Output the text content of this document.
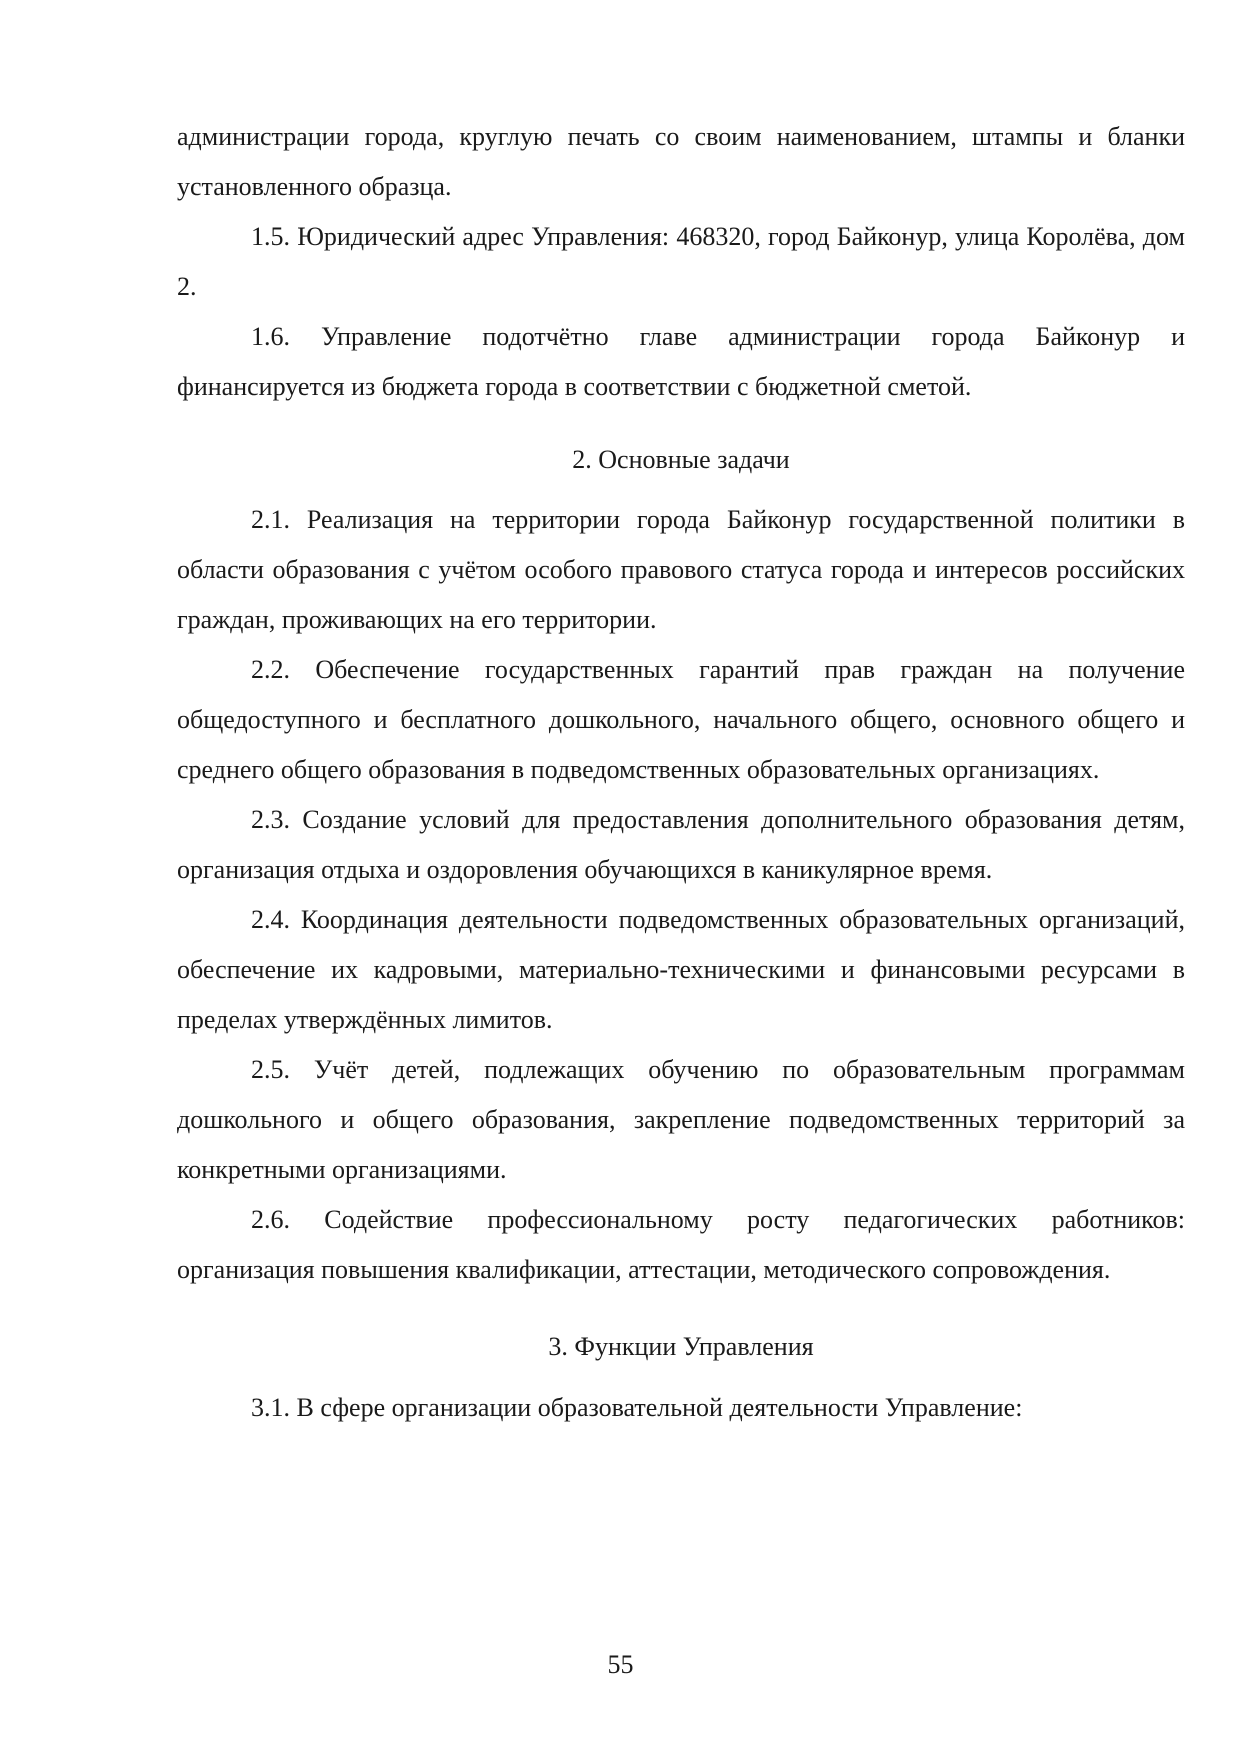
администрации города, круглую печать со своим наименованием, штампы и бланки установленного образца.

1.5. Юридический адрес Управления: 468320, город Байконур, улица Королёва, дом 2.

1.6. Управление подотчётно главе администрации города Байконур и финансируется из бюджета города в соответствии с бюджетной сметой.

2. Основные задачи

2.1. Реализация на территории города Байконур государственной политики в области образования с учётом особого правового статуса города и интересов российских граждан, проживающих на его территории.

2.2. Обеспечение государственных гарантий прав граждан на получение общедоступного и бесплатного дошкольного, начального общего, основного общего и среднего общего образования в подведомственных образовательных организациях.

2.3. Создание условий для предоставления дополнительного образования детям, организация отдыха и оздоровления обучающихся в каникулярное время.

2.4. Координация деятельности подведомственных образовательных организаций, обеспечение их кадровыми, материально-техническими и финансовыми ресурсами в пределах утверждённых лимитов.

2.5. Учёт детей, подлежащих обучению по образовательным программам дошкольного и общего образования, закрепление подведомственных территорий за конкретными организациями.

2.6. Содействие профессиональному росту педагогических работников: организация повышения квалификации, аттестации, методического сопровождения.

3. Функции Управления

3.1. В сфере организации образовательной деятельности Управление:

55
